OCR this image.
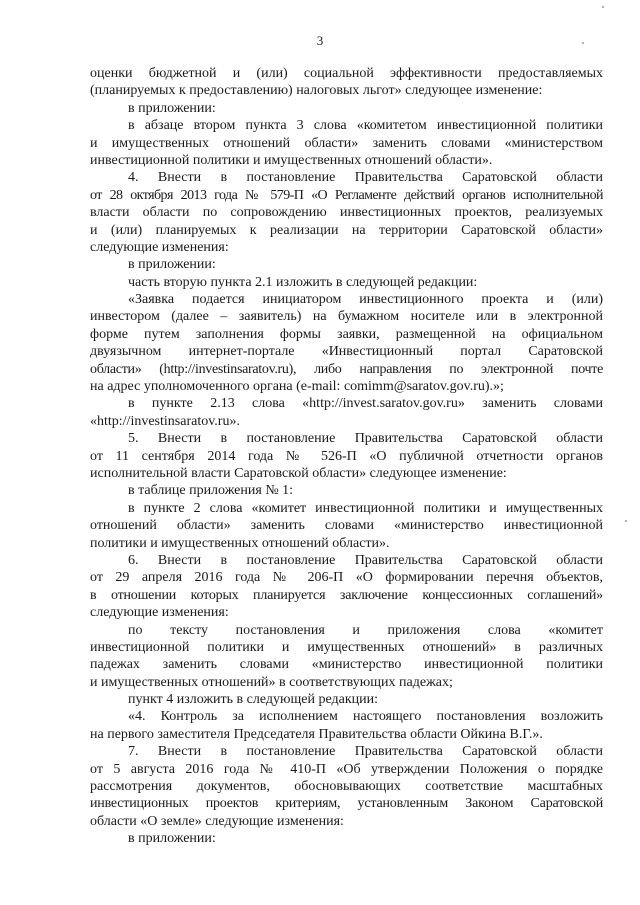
3
оценки бюджетной и (или) социальной эффективности предоставляемых
(планируемых к предоставлению) налоговых льгот» следующее изменение:
в приложении:
в абзаце втором пункта 3 слова «комитетом инвестиционной политики
и имущественных отношений области» заменить словами «министерством
инвестиционной политики и имущественных отношений области».
4. Внести в постановление Правительства Саратовской области
от 28 октября 2013 года № 579-П «О Регламенте действий органов исполнительной
власти области по сопровождению инвестиционных проектов, реализуемых
и (или) планируемых к реализации на территории Саратовской области»
следующие изменения:
в приложении:
часть вторую пункта 2.1 изложить в следующей редакции:
«Заявка подается инициатором инвестиционного проекта и (или)
инвестором (далее – заявитель) на бумажном носителе или в электронной
форме путем заполнения формы заявки, размещенной на официальном
двуязычном интернет-портале «Инвестиционный портал Саратовской
области» (http://investinsaratov.ru), либо направления по электронной почте
на адрес уполномоченного органа (e-mail: comimm@saratov.gov.ru).»;
в пункте 2.13 слова «http://invest.saratov.gov.ru» заменить словами
«http://investinsaratov.ru».
5. Внести в постановление Правительства Саратовской области
от 11 сентября 2014 года № 526-П «О публичной отчетности органов
исполнительной власти Саратовской области» следующее изменение:
в таблице приложения № 1:
в пункте 2 слова «комитет инвестиционной политики и имущественных
отношений области» заменить словами «министерство инвестиционной
политики и имущественных отношений области».
6. Внести в постановление Правительства Саратовской области
от 29 апреля 2016 года № 206-П «О формировании перечня объектов,
в отношении которых планируется заключение концессионных соглашений»
следующие изменения:
по тексту постановления и приложения слова «комитет
инвестиционной политики и имущественных отношений» в различных
падежах заменить словами «министерство инвестиционной политики
и имущественных отношений» в соответствующих падежах;
пункт 4 изложить в следующей редакции:
«4. Контроль за исполнением настоящего постановления возложить
на первого заместителя Председателя Правительства области Ойкина В.Г.».
7. Внести в постановление Правительства Саратовской области
от 5 августа 2016 года № 410-П «Об утверждении Положения о порядке
рассмотрения документов, обосновывающих соответствие масштабных
инвестиционных проектов критериям, установленным Законом Саратовской
области «О земле» следующие изменения:
в приложении:
